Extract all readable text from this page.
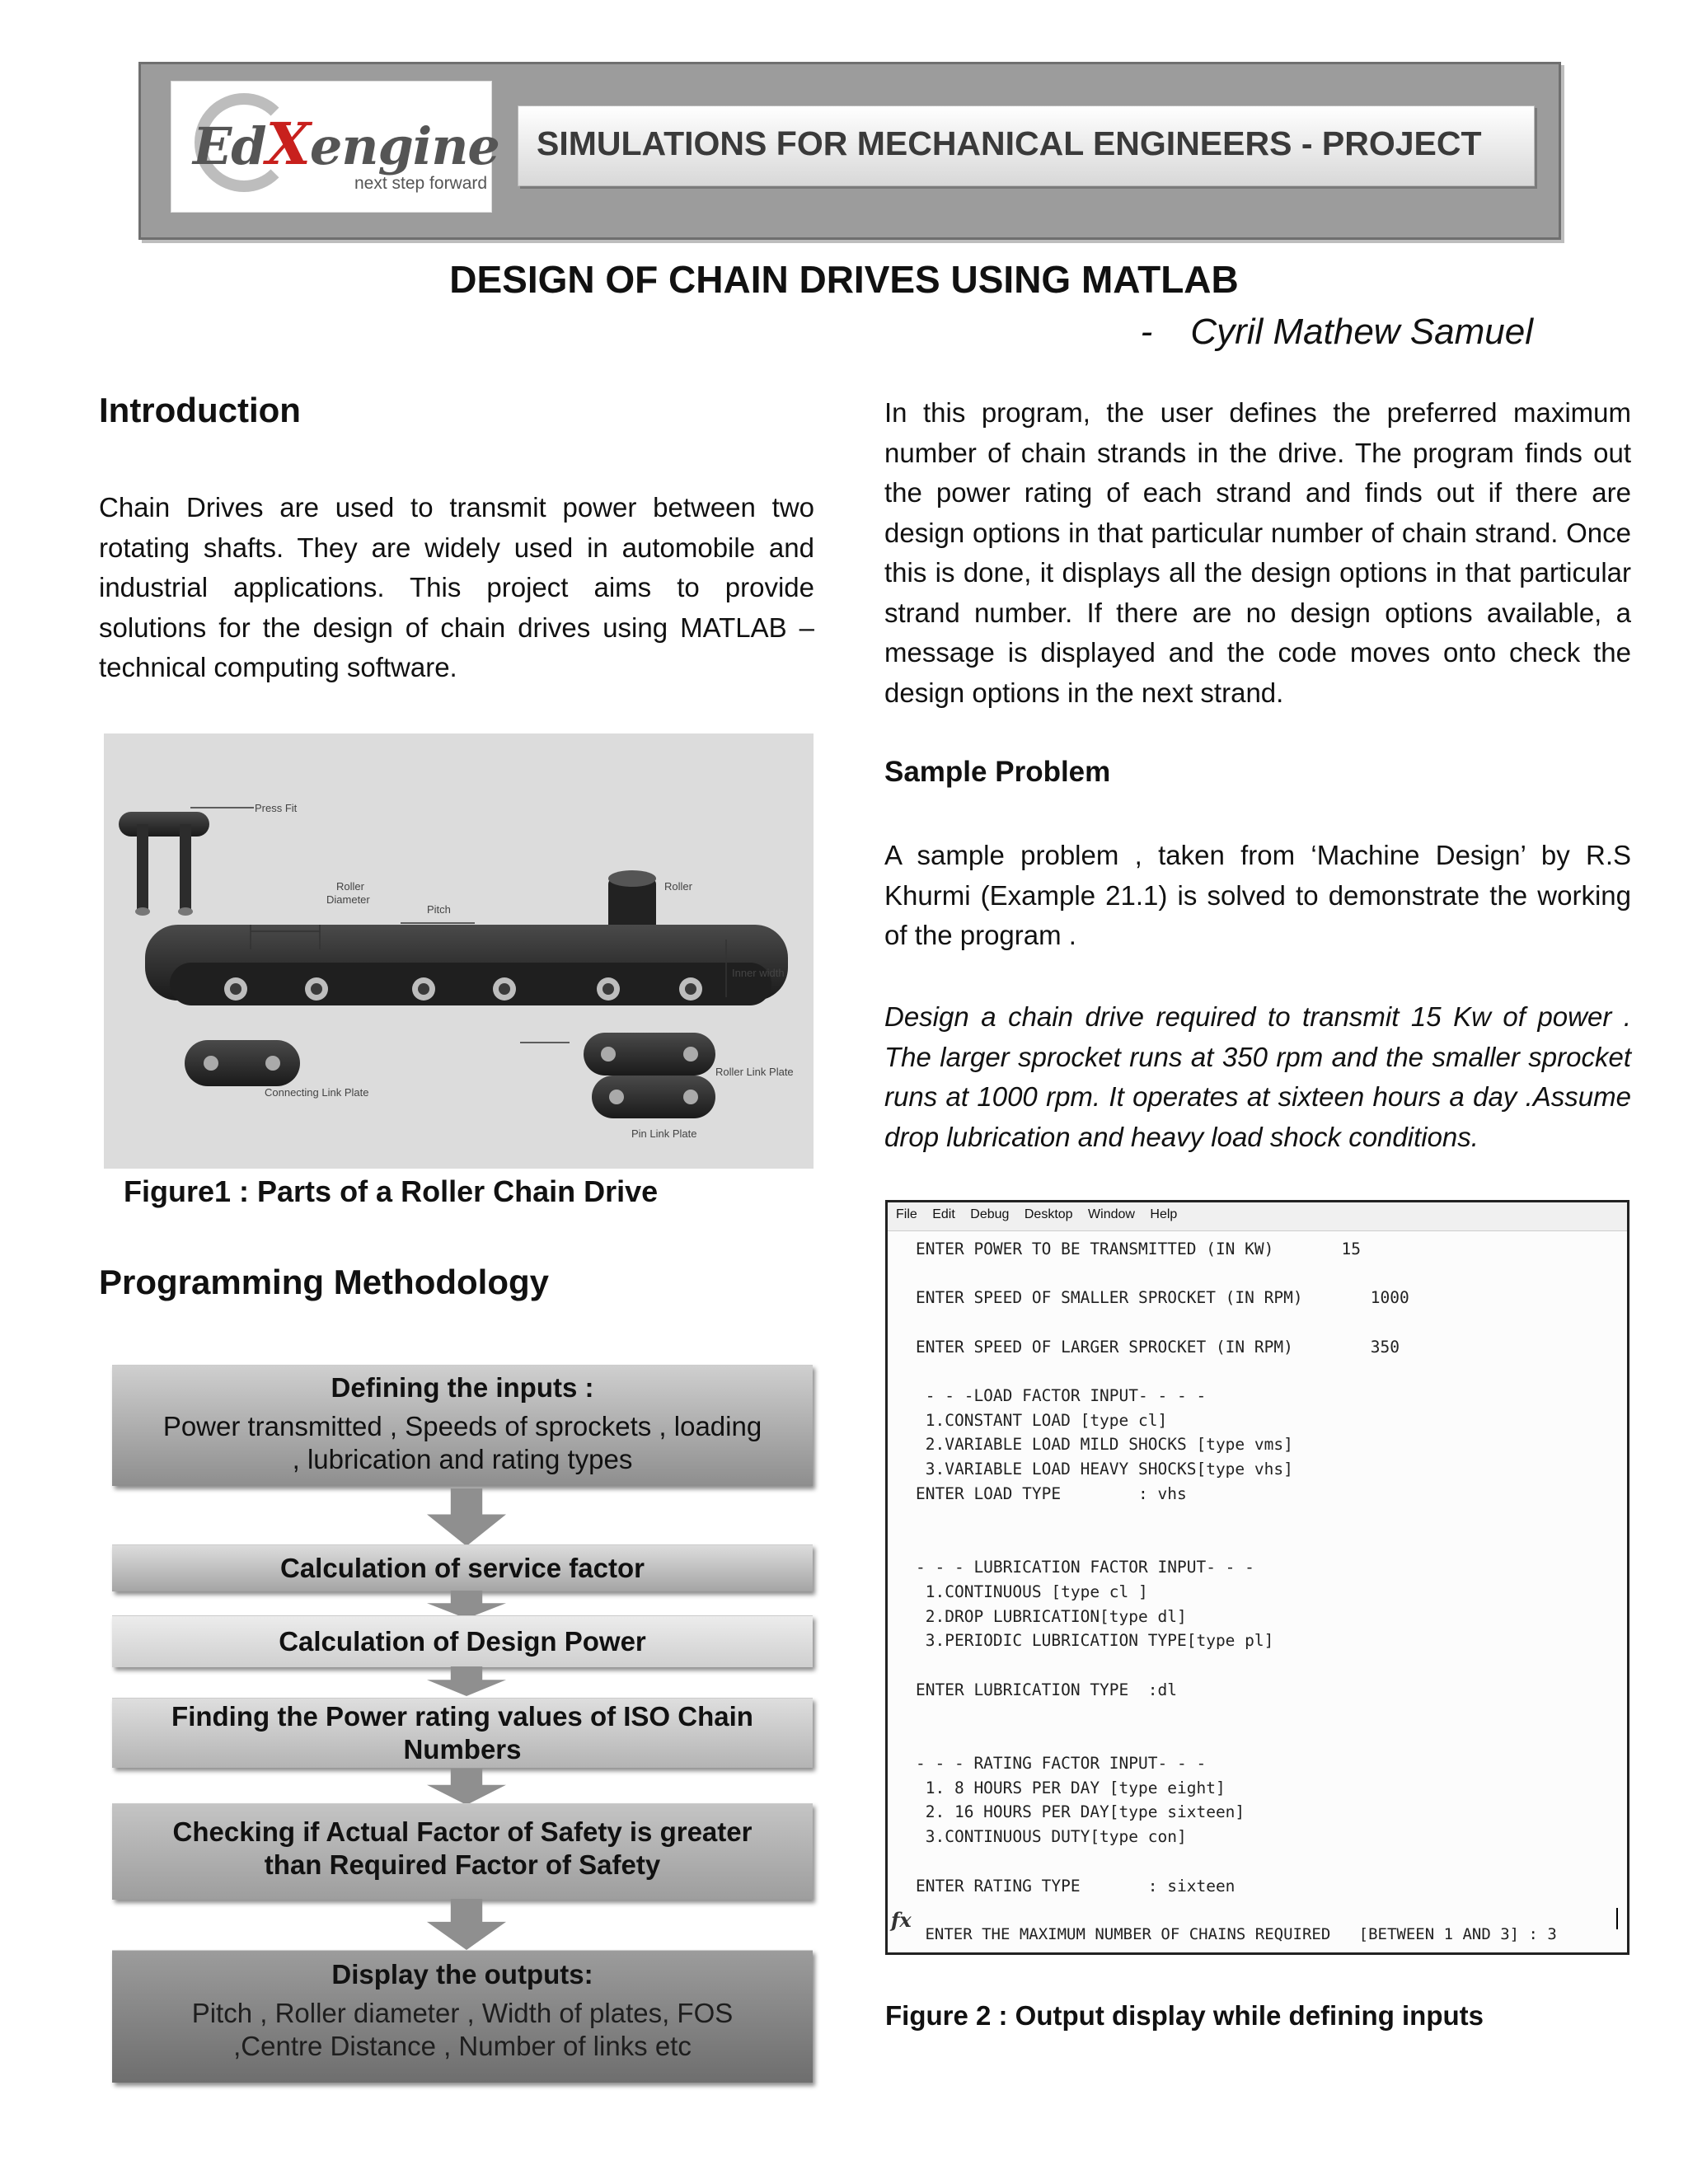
EdXengine
next step forward
SIMULATIONS FOR MECHANICAL ENGINEERS - PROJECT
DESIGN OF CHAIN DRIVES USING MATLAB
- Cyril Mathew Samuel
Introduction
Chain Drives are used to transmit power between two rotating shafts. They are widely used in automobile and industrial applications. This project aims to provide solutions for the design of chain drives using MATLAB – technical computing software.
Press Fit
Roller
Diameter
Pitch
Roller
Inner width
Roller Link Plate
Connecting Link Plate
Pin Link Plate
Figure1 : Parts of a Roller Chain Drive
Programming Methodology
Defining the inputs :
Power transmitted , Speeds of sprockets , loading , lubrication and rating types
Calculation of service factor
Calculation of Design Power
Finding the Power rating values of ISO Chain Numbers
Checking if Actual Factor of Safety is greater than Required Factor of Safety
Display the outputs:
Pitch , Roller diameter , Width of plates, FOS ,Centre Distance , Number of links etc
In this program, the user defines the preferred maximum number of chain strands in the drive. The program finds out the power rating of each strand and finds out if there are design options in that particular number of chain strand. Once this is done, it displays all the design options in that particular strand number. If there are no design options available, a message is displayed and the code moves onto check the design options in the next strand.
Sample Problem
A sample problem , taken from ‘Machine Design’ by R.S Khurmi (Example 21.1) is solved to demonstrate the working of the program .
Design a chain drive required to transmit 15 Kw of power . The larger sprocket runs at 350 rpm and the smaller sprocket runs at 1000 rpm. It operates at sixteen hours a day .Assume drop lubrication and heavy load shock conditions.
File Edit Debug Desktop Window Help
ENTER POWER TO BE TRANSMITTED (IN KW)       15
ENTER SPEED OF SMALLER SPROCKET (IN RPM)       1000
ENTER SPEED OF LARGER SPROCKET (IN RPM)        350
- - -LOAD FACTOR INPUT- - - -
1.CONSTANT LOAD [type cl]
2.VARIABLE LOAD MILD SHOCKS [type vms]
3.VARIABLE LOAD HEAVY SHOCKS[type vhs]
ENTER LOAD TYPE        : vhs
- - - LUBRICATION FACTOR INPUT- - -
1.CONTINUOUS [type cl ]
2.DROP LUBRICATION[type dl]
3.PERIODIC LUBRICATION TYPE[type pl]
ENTER LUBRICATION TYPE  :dl
- - - RATING FACTOR INPUT- - -
1. 8 HOURS PER DAY [type eight]
2. 16 HOURS PER DAY[type sixteen]
3.CONTINUOUS DUTY[type con]
ENTER RATING TYPE       : sixteen
fx
ENTER THE MAXIMUM NUMBER OF CHAINS REQUIRED   [BETWEEN 1 AND 3] : 3
Figure 2 : Output display while defining inputs
